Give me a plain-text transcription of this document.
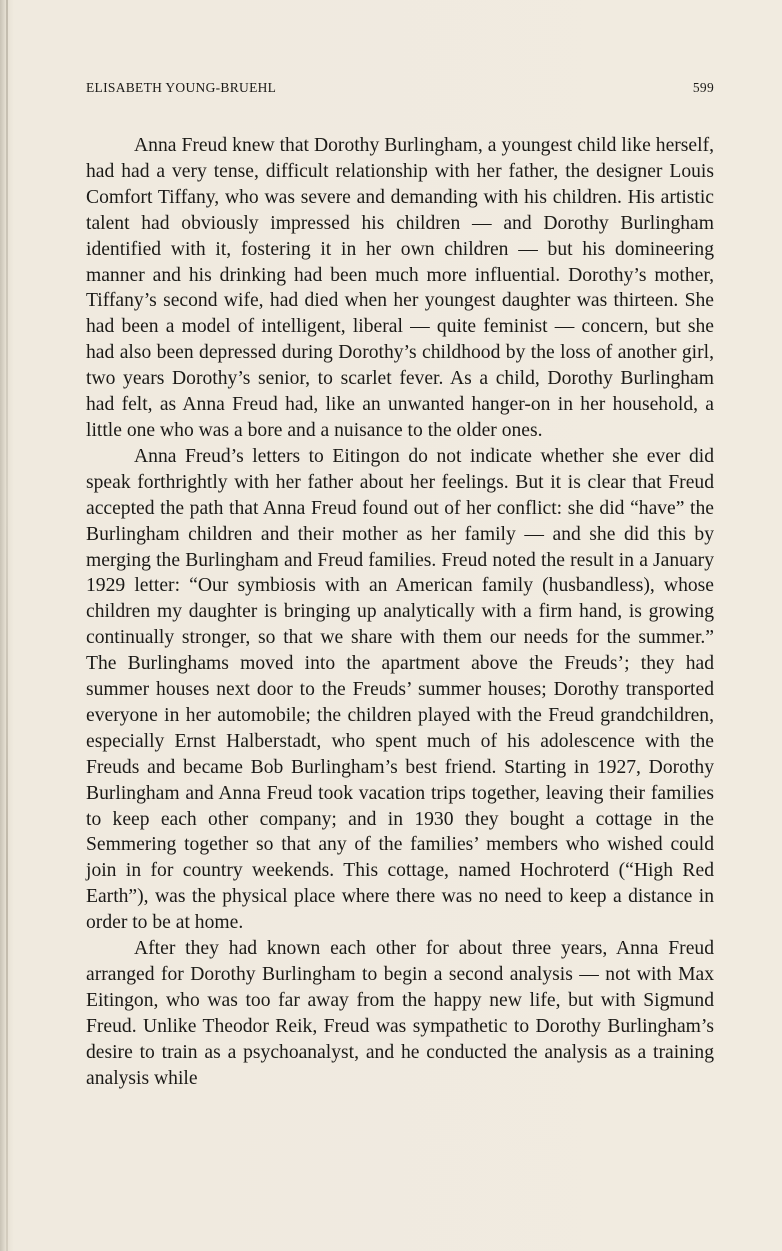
ELISABETH YOUNG-BRUEHL	599

Anna Freud knew that Dorothy Burlingham, a youngest child like herself, had had a very tense, difficult relationship with her father, the designer Louis Comfort Tiffany, who was severe and demanding with his children. His artistic talent had obviously impressed his children — and Dorothy Burlingham identified with it, fostering it in her own children — but his domineering manner and his drinking had been much more influential. Dorothy’s mother, Tiffany’s second wife, had died when her youngest daughter was thirteen. She had been a model of intelligent, liberal — quite feminist — concern, but she had also been depressed during Dorothy’s childhood by the loss of another girl, two years Dorothy’s senior, to scarlet fever. As a child, Dorothy Burlingham had felt, as Anna Freud had, like an unwanted hanger-on in her household, a little one who was a bore and a nuisance to the older ones.

Anna Freud’s letters to Eitingon do not indicate whether she ever did speak forthrightly with her father about her feelings. But it is clear that Freud accepted the path that Anna Freud found out of her conflict: she did “have” the Burlingham children and their mother as her family — and she did this by merging the Burlingham and Freud families. Freud noted the result in a January 1929 letter: “Our symbiosis with an American family (husbandless), whose children my daughter is bringing up analytically with a firm hand, is growing continually stronger, so that we share with them our needs for the summer.” The Burlinghams moved into the apartment above the Freuds’; they had summer houses next door to the Freuds’ summer houses; Dorothy transported everyone in her automobile; the children played with the Freud grandchildren, especially Ernst Halberstadt, who spent much of his adolescence with the Freuds and became Bob Burlingham’s best friend. Starting in 1927, Dorothy Burlingham and Anna Freud took vacation trips together, leaving their families to keep each other company; and in 1930 they bought a cottage in the Semmering together so that any of the families’ members who wished could join in for country weekends. This cottage, named Hochroterd (“High Red Earth”), was the physical place where there was no need to keep a distance in order to be at home.

After they had known each other for about three years, Anna Freud arranged for Dorothy Burlingham to begin a second analysis — not with Max Eitingon, who was too far away from the happy new life, but with Sigmund Freud. Unlike Theodor Reik, Freud was sympathetic to Dorothy Burlingham’s desire to train as a psychoanalyst, and he conducted the analysis as a training analysis while
